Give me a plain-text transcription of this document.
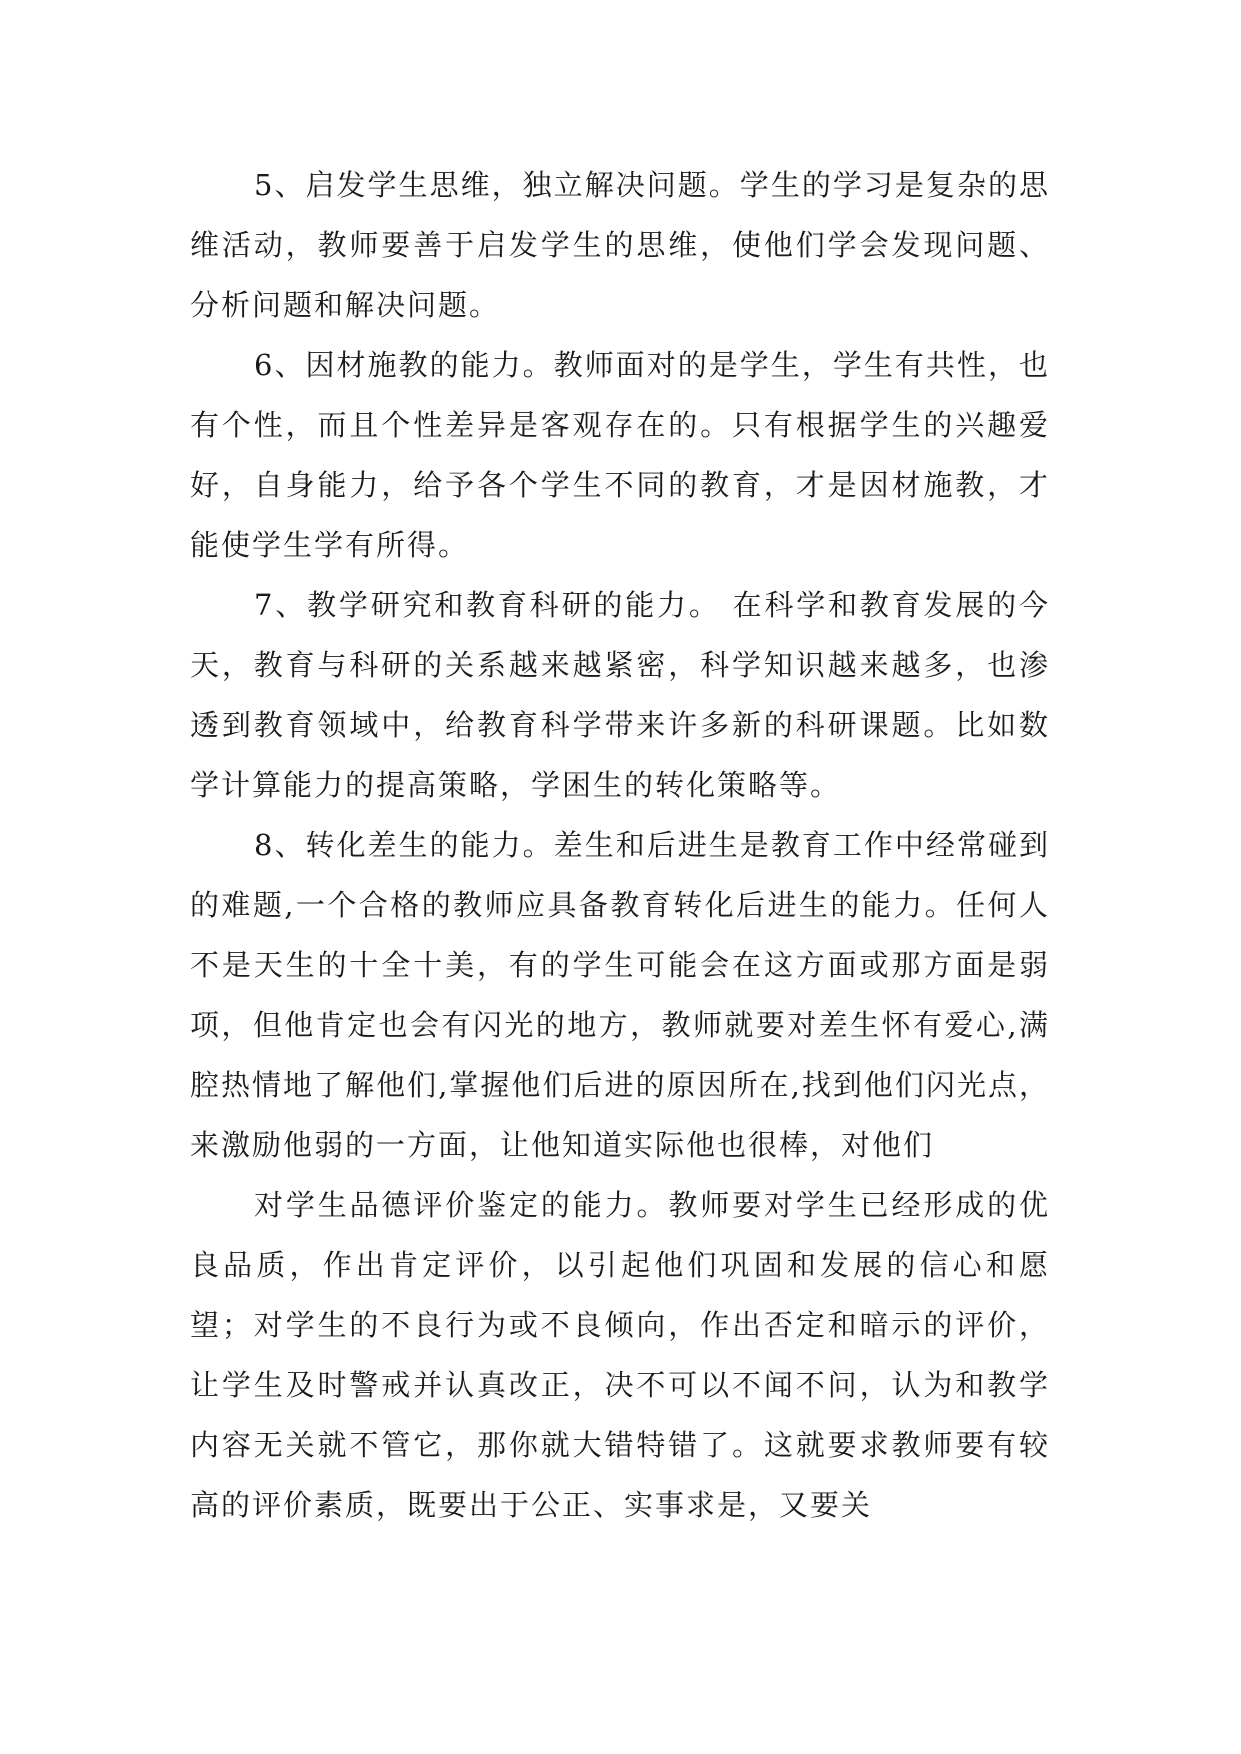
5、启发学生思维，独立解决问题。学生的学习是复杂的思维活动，教师要善于启发学生的思维，使他们学会发现问题、分析问题和解决问题。

6、因材施教的能力。教师面对的是学生，学生有共性，也有个性，而且个性差异是客观存在的。只有根据学生的兴趣爱好，自身能力，给予各个学生不同的教育，才是因材施教，才能使学生学有所得。

7、教学研究和教育科研的能力。 在科学和教育发展的今天，教育与科研的关系越来越紧密，科学知识越来越多，也渗透到教育领域中，给教育科学带来许多新的科研课题。比如数学计算能力的提高策略，学困生的转化策略等。

8、转化差生的能力。差生和后进生是教育工作中经常碰到的难题,一个合格的教师应具备教育转化后进生的能力。任何人不是天生的十全十美，有的学生可能会在这方面或那方面是弱项，但他肯定也会有闪光的地方，教师就要对差生怀有爱心,满腔热情地了解他们,掌握他们后进的原因所在,找到他们闪光点，来激励他弱的一方面，让他知道实际他也很棒，对他们

对学生品德评价鉴定的能力。教师要对学生已经形成的优良品质，作出肯定评价，以引起他们巩固和发展的信心和愿望；对学生的不良行为或不良倾向，作出否定和暗示的评价，让学生及时警戒并认真改正，决不可以不闻不问，认为和教学内容无关就不管它，那你就大错特错了。这就要求教师要有较高的评价素质，既要出于公正、实事求是，又要关
